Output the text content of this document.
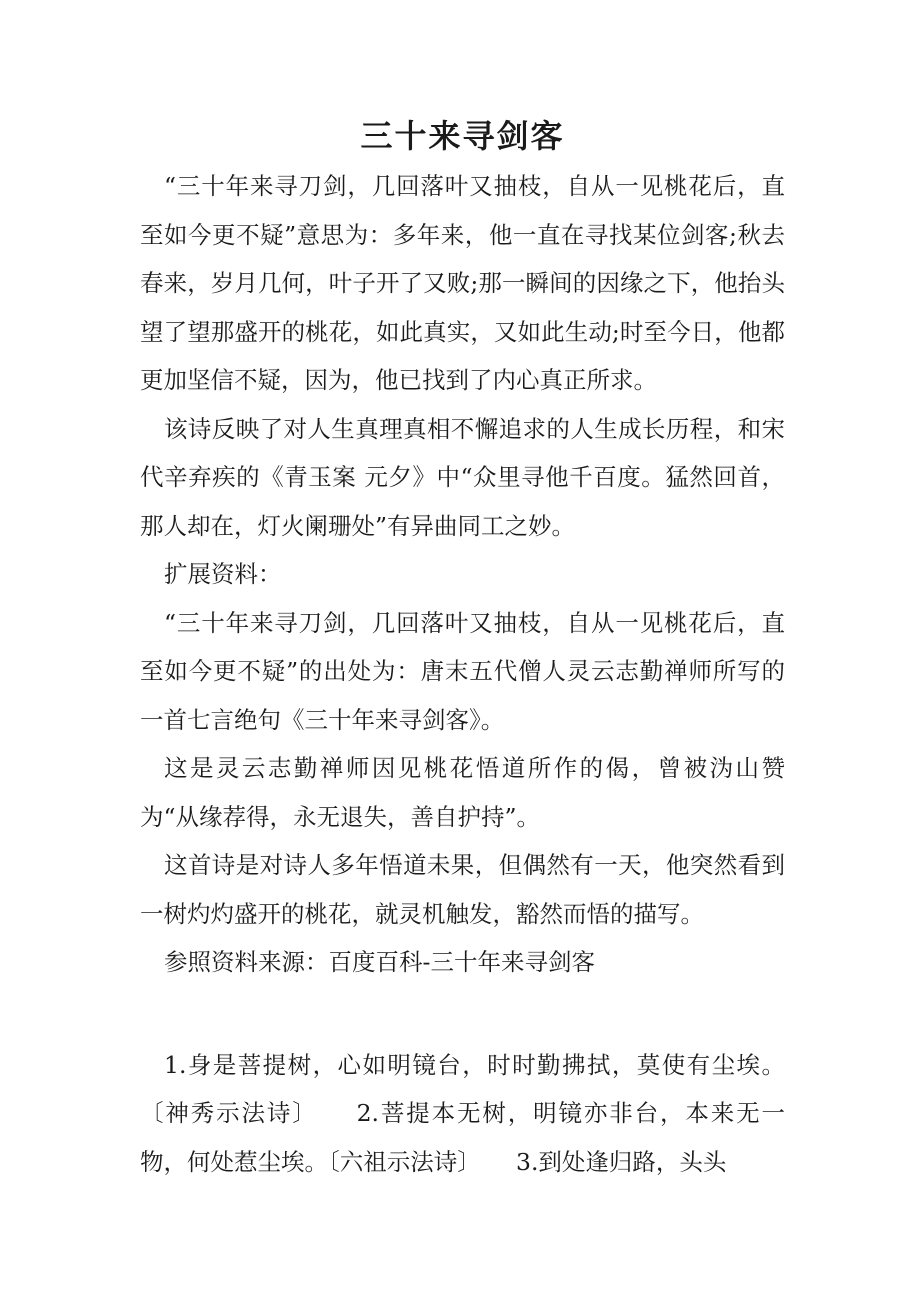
三十来寻剑客

“三十年来寻刀剑，几回落叶又抽枝，自从一见桃花后，直至如今更不疑”意思为：多年来，他一直在寻找某位剑客;秋去春来，岁月几何，叶子开了又败;那一瞬间的因缘之下，他抬头望了望那盛开的桃花，如此真实，又如此生动;时至今日，他都更加坚信不疑，因为，他已找到了内心真正所求。

该诗反映了对人生真理真相不懈追求的人生成长历程，和宋代辛弃疾的《青玉案 元夕》中“众里寻他千百度。猛然回首，那人却在，灯火阑珊处”有异曲同工之妙。

扩展资料：

“三十年来寻刀剑，几回落叶又抽枝，自从一见桃花后，直至如今更不疑”的出处为：唐末五代僧人灵云志勤禅师所写的一首七言绝句《三十年来寻剑客》。

这是灵云志勤禅师因见桃花悟道所作的偈，曾被沩山赞为“从缘荐得，永无退失，善自护持”。

这首诗是对诗人多年悟道未果，但偶然有一天，他突然看到一树灼灼盛开的桃花，就灵机触发，豁然而悟的描写。

参照资料来源：百度百科-三十年来寻剑客

1.身是菩提树，心如明镜台，时时勤拂拭，莫使有尘埃。〔神秀示法诗〕　　2.菩提本无树，明镜亦非台，本来无一物，何处惹尘埃。〔六祖示法诗〕　　3.到处逢归路，头头
